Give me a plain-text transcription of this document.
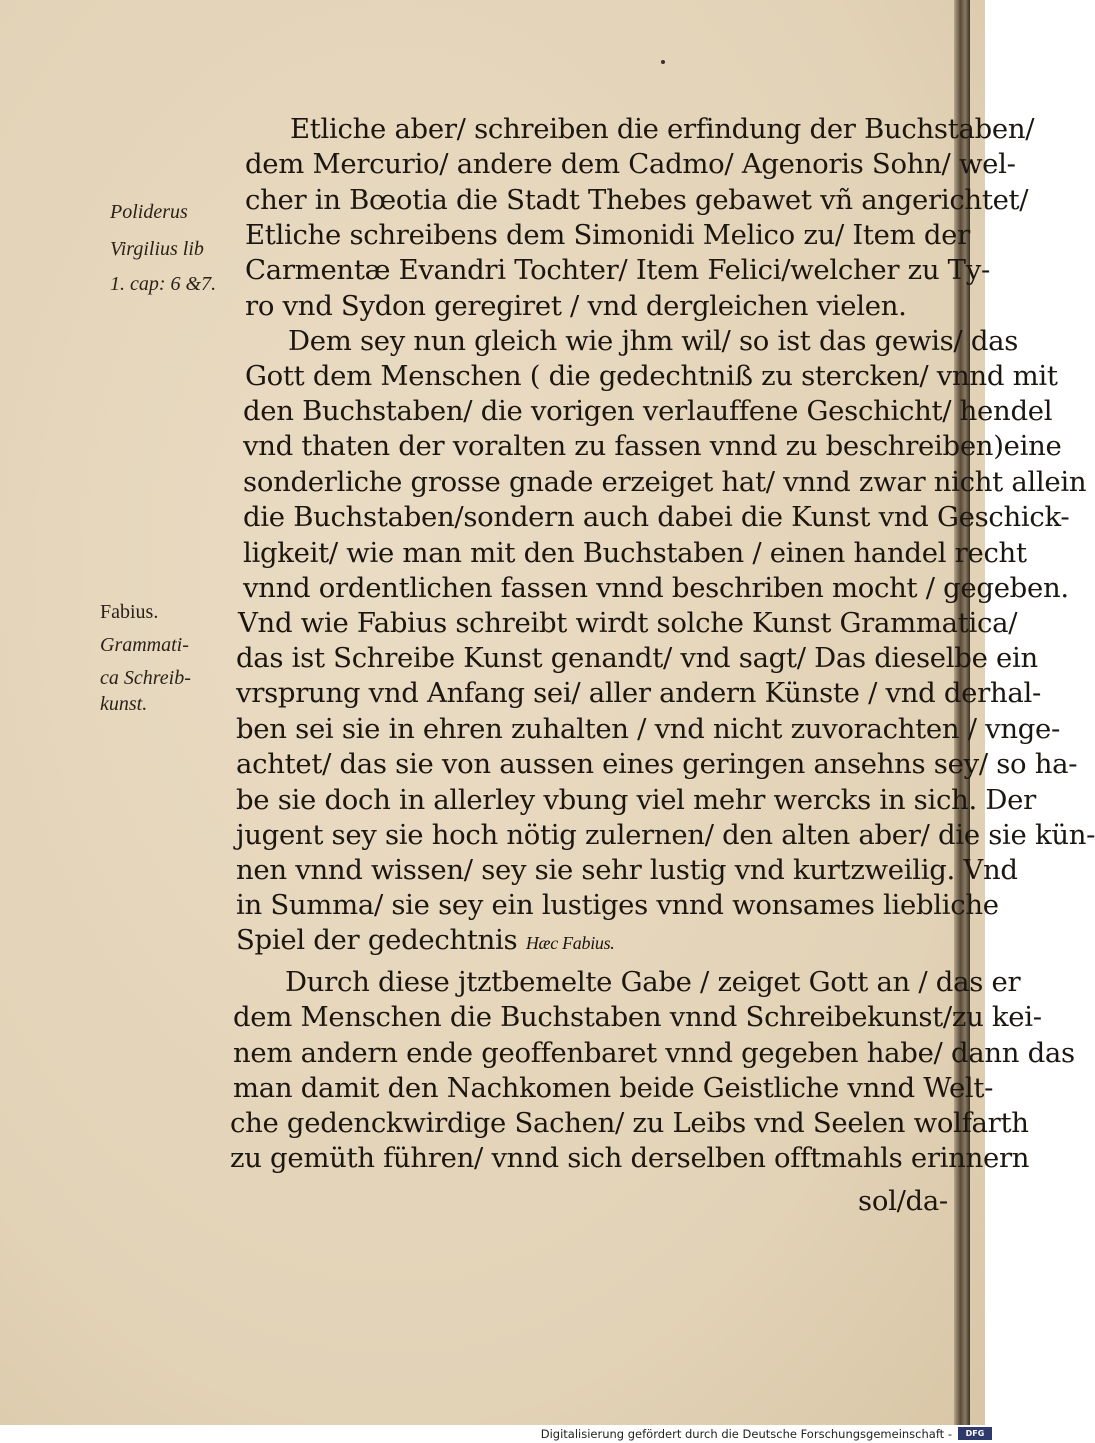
Poliderus
Virgilius lib
1. cap: 6 &7.
Fabius.
Grammati-
ca Schreib-
kunst.
Etliche aber/ schreiben die erfindung der Buchstaben/
dem Mercurio/ andere dem Cadmo/ Agenoris Sohn/ wel-
cher in Bœotia die Stadt Thebes gebawet vñ angerichtet/
Etliche schreibens dem Simonidi Melico zu/ Item der
Carmentæ Evandri Tochter/ Item Felici/welcher zu Ty-
ro vnd Sydon geregiret / vnd dergleichen vielen.
Dem sey nun gleich wie jhm wil/ so ist das gewis/ das
Gott dem Menschen ( die gedechtniß zu stercken/ vnnd mit
den Buchstaben/ die vorigen verlauffene Geschicht/ hendel
vnd thaten der voralten zu fassen vnnd zu beschreiben)eine
sonderliche grosse gnade erzeiget hat/ vnnd zwar nicht allein
die Buchstaben/sondern auch dabei die Kunst vnd Geschick-
ligkeit/ wie man mit den Buchstaben / einen handel recht
vnnd ordentlichen fassen vnnd beschriben mocht / gegeben.
Vnd wie Fabius schreibt wirdt solche Kunst Grammatica/
das ist Schreibe Kunst genandt/ vnd sagt/ Das dieselbe ein
vrsprung vnd Anfang sei/ aller andern Künste / vnd derhal-
ben sei sie in ehren zuhalten / vnd nicht zuvorachten / vnge-
achtet/ das sie von aussen eines geringen ansehns sey/ so ha-
be sie doch in allerley vbung viel mehr wercks in sich. Der
jugent sey sie hoch nötig zulernen/ den alten aber/ die sie kün-
nen vnnd wissen/ sey sie sehr lustig vnd kurtzweilig. Vnd
in Summa/ sie sey ein lustiges vnnd wonsames liebliche
Spiel der gedechtnis Hæc Fabius.
Durch diese jtztbemelte Gabe / zeiget Gott an / das er
dem Menschen die Buchstaben vnnd Schreibekunst/zu kei-
nem andern ende geoffenbaret vnnd gegeben habe/ dann das
man damit den Nachkomen beide Geistliche vnnd Welt-
che gedenckwirdige Sachen/ zu Leibs vnd Seelen wolfarth
zu gemüth führen/ vnnd sich derselben offtmahls erinnern
sol/da-
Digitalisierung gefördert durch die Deutsche Forschungsgemeinschaft -	DFG
